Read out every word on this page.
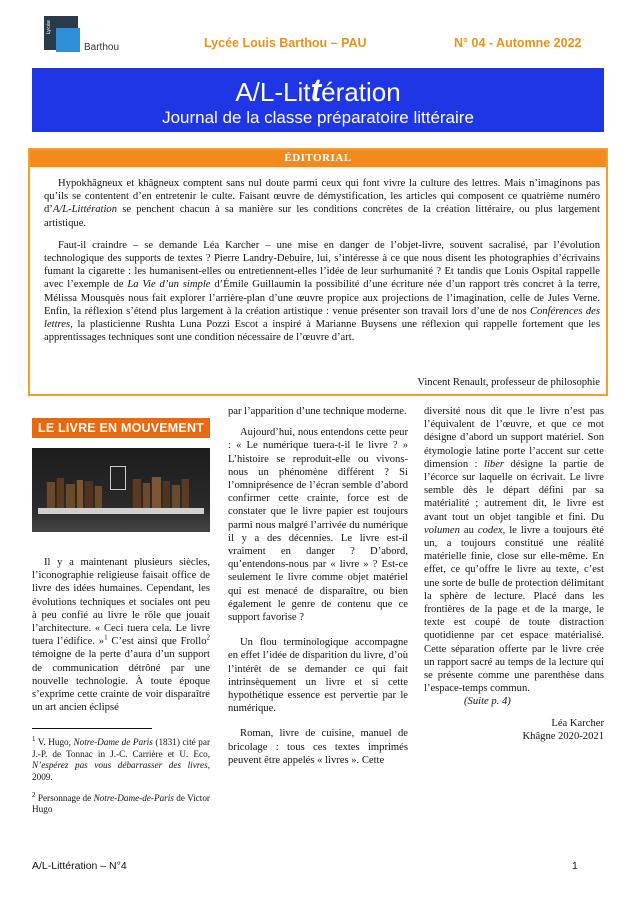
Lycée
Barthou	Lycée Louis Barthou – PAU	N° 04 - Automne 2022
A/L-Littération
Journal de la classe préparatoire littéraire
ÉDITORIAL

Hypokhâgneux et khâgneux comptent sans nul doute parmi ceux qui font vivre la culture des lettres. Mais n’imaginons pas qu’ils se contentent d’en entretenir le culte. Faisant œuvre de démystification, les articles qui composent ce quatrième numéro d’A/L-Littération se penchent chacun à sa manière sur les conditions concrètes de la création littéraire, ou plus largement artistique.

Faut-il craindre – se demande Léa Karcher – une mise en danger de l’objet-livre, souvent sacralisé, par l’évolution technologique des supports de textes ? Pierre Landry-Debuire, lui, s’intéresse à ce que nous disent les photographies d’écrivains fumant la cigarette : les humanisent-elles ou entretiennent-elles l’idée de leur surhumanité ? Et tandis que Louis Ospital rappelle avec l’exemple de La Vie d’un simple d’Émile Guillaumin la possibilité d’une écriture née d’un rapport très concret à la terre, Mélissa Mousquès nous fait explorer l’arrière-plan d’une œuvre propice aux projections de l’imagination, celle de Jules Verne. Enfin, la réflexion s’étend plus largement à la création artistique : venue présenter son travail lors d’une de nos Conférences des lettres, la plasticienne Rushta Luna Pozzi Escot a inspiré à Marianne Buysens une réflexion qui rappelle fortement que les apprentissages techniques sont une condition nécessaire de l’œuvre d’art.

Vincent Renault, professeur de philosophie
LE LIVRE EN MOUVEMENT

Il y a maintenant plusieurs siècles, l’iconographie religieuse faisait office de livre des idées humaines. Cependant, les évolutions techniques et sociales ont peu à peu confié au livre le rôle que jouait l’architecture. « Ceci tuera cela. Le livre tuera l’édifice. »$^1$ C’est ainsi que Frollo$^2$ témoigne de la perte d’aura d’un support de communication détrôné par une nouvelle technologie. À toute époque s’exprime cette crainte de voir disparaître un art ancien éclipsé

$^1$ V. Hugo, Notre-Dame de Paris (1831) cité par J.-P. de Tonnac in J.-C. Carrière et U. Eco, N’espérez pas vous débarrasser des livres, 2009.

$^2$ Personnage de Notre-Dame-de-Paris de Victor Hugo

par l’apparition d’une technique moderne.

Aujourd’hui, nous entendons cette peur : « Le numérique tuera-t-il le livre ? » L’histoire se reproduit-elle ou vivons-nous un phénomène différent ? Si l’omniprésence de l’écran semble d’abord confirmer cette crainte, force est de constater que le livre papier est toujours parmi nous malgré l’arrivée du numérique il y a des décennies. Le livre est-il vraiment en danger ? D’abord, qu’entendons-nous par « livre » ? Est-ce seulement le livre comme objet matériel qui est menacé de disparaître, ou bien également le genre de contenu que ce support favorise ?

Un flou terminologique accompagne en effet l’idée de disparition du livre, d’où l’intérêt de se demander ce qui fait intrinsèquement un livre et si cette hypothétique essence est pervertie par le numérique.

Roman, livre de cuisine, manuel de bricolage : tous ces textes imprimés peuvent être appelés « livres ». Cette

diversité nous dit que le livre n’est pas l’équivalent de l’œuvre, et que ce mot désigne d’abord un support matériel. Son étymologie latine porte l’accent sur cette dimension : liber désigne la partie de l’écorce sur laquelle on écrivait. Le livre semble dès le départ défini par sa matérialité ; autrement dit, le livre est avant tout un objet tangible et fini. Du volumen au codex, le livre a toujours été un, a toujours constitué une réalité matérielle finie, close sur elle-même. En effet, ce qu’offre le livre au texte, c’est une sorte de bulle de protection délimitant la sphère de lecture. Placé dans les frontières de la page et de la marge, le texte est coupé de toute distraction quotidienne par cet espace matérialisé. Cette séparation offerte par le livre crée un rapport sacré au temps de la lecture qui se présente comme une parenthèse dans l’espace-temps commun.

(Suite p. 4)

Léa Karcher

Khâgne 2020-2021

A/L-Littération – N°4	1
